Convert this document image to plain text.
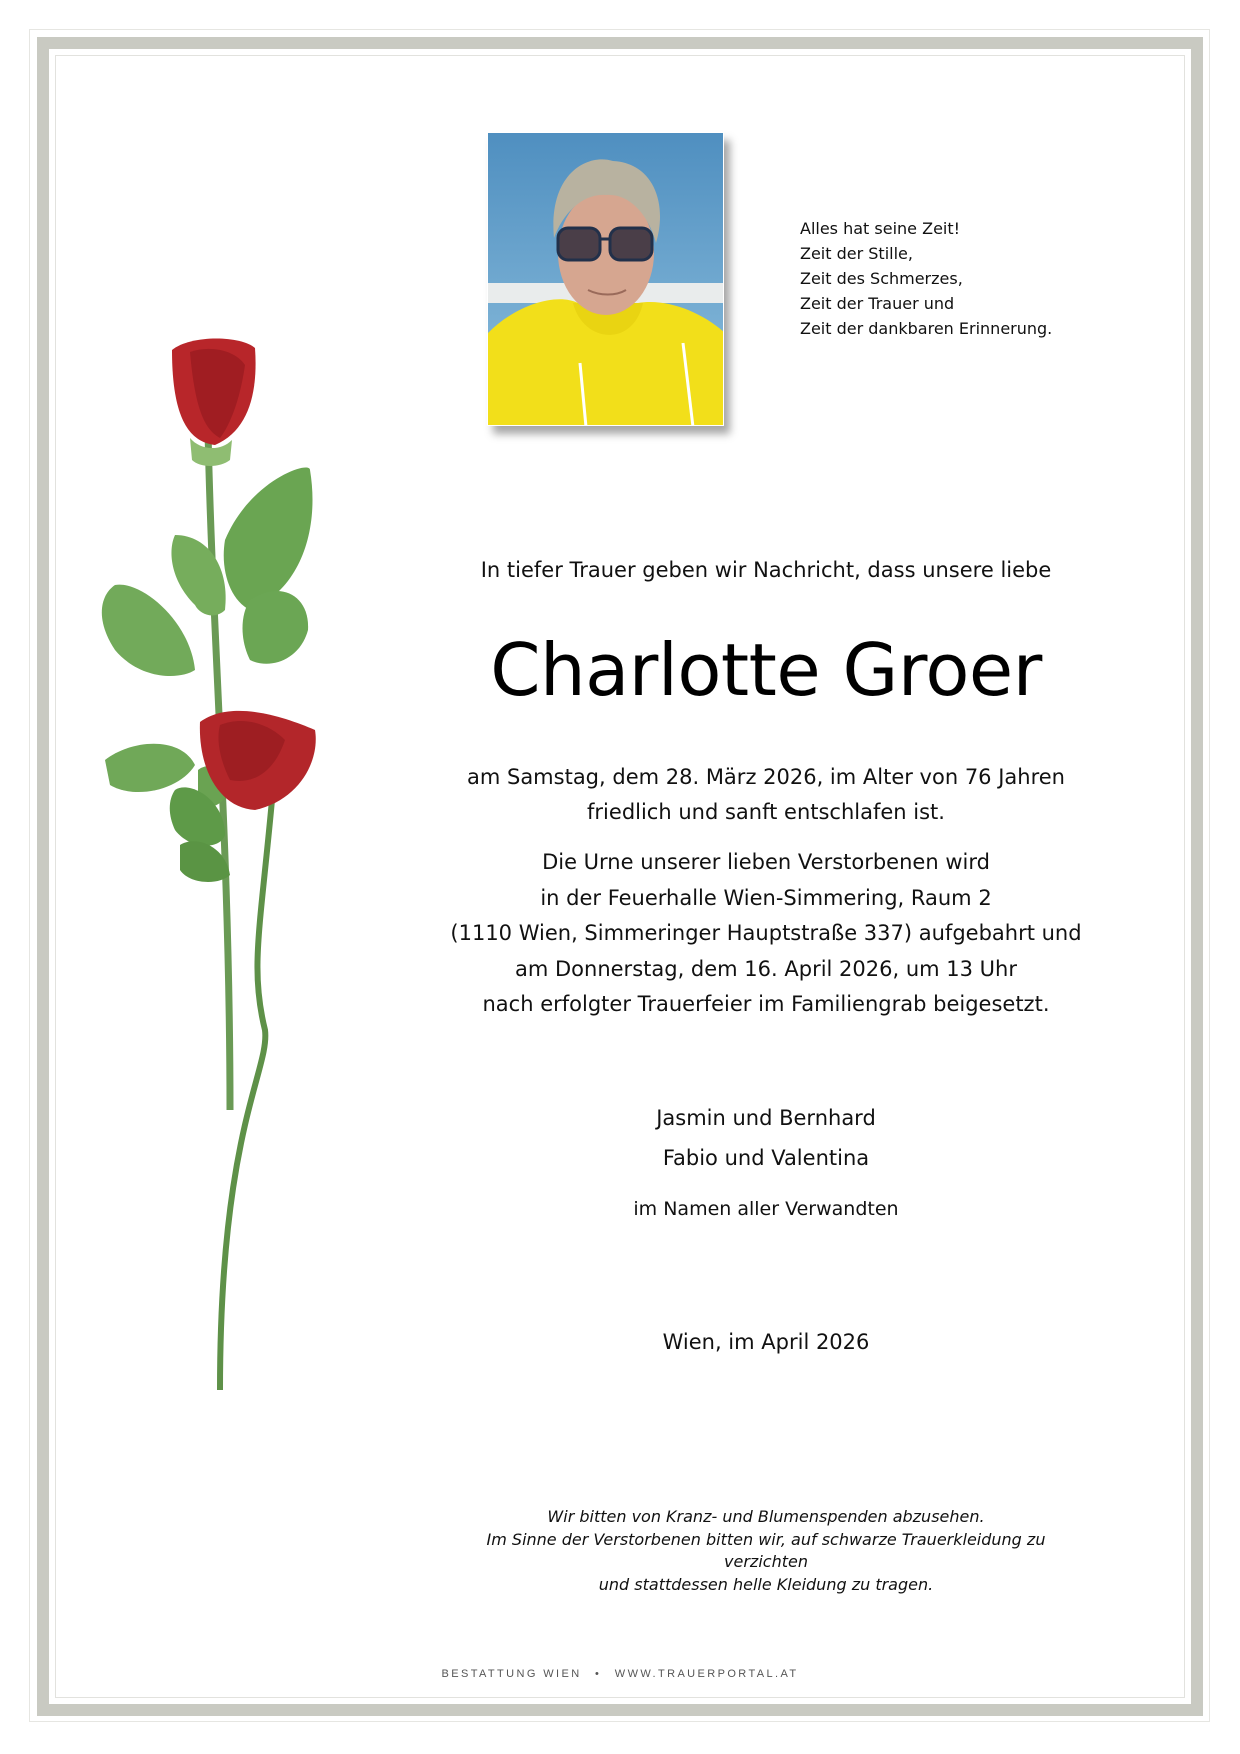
Alles hat seine Zeit!
Zeit der Stille,
Zeit des Schmerzes,
Zeit der Trauer und
Zeit der dankbaren Erinnerung.
In tiefer Trauer geben wir Nachricht, dass unsere liebe
Charlotte Groer
am Samstag, dem 28. März 2026, im Alter von 76 Jahren
friedlich und sanft entschlafen ist.
Die Urne unserer lieben Verstorbenen wird
in der Feuerhalle Wien-Simmering, Raum 2
(1110 Wien, Simmeringer Hauptstraße 337) aufgebahrt und
am Donnerstag, dem 16. April 2026, um 13 Uhr
nach erfolgter Trauerfeier im Familiengrab beigesetzt.
Jasmin und Bernhard
Fabio und Valentina
im Namen aller Verwandten
Wien, im April 2026
Wir bitten von Kranz- und Blumenspenden abzusehen.
Im Sinne der Verstorbenen bitten wir, auf schwarze Trauerkleidung zu verzichten
und stattdessen helle Kleidung zu tragen.
BESTATTUNG WIEN • WWW.TRAUERPORTAL.AT
